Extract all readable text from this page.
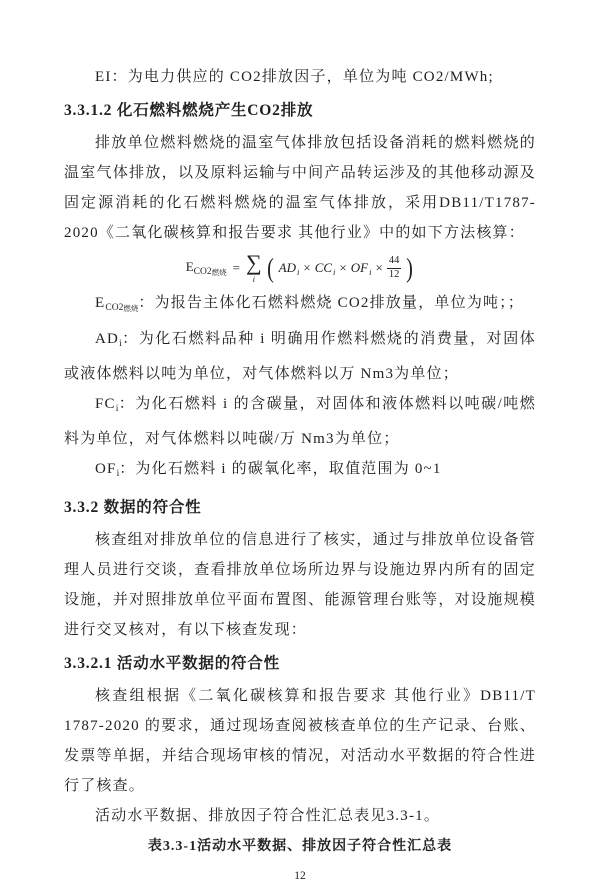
EI：为电力供应的 CO2排放因子，单位为吨 CO2/MWh;

3.3.1.2 化石燃料燃烧产生CO2排放

排放单位燃料燃烧的温室气体排放包括设备消耗的燃料燃烧的温室气体排放，以及原料运输与中间产品转运涉及的其他移动源及固定源消耗的化石燃料燃烧的温室气体排放，采用DB11/T1787-2020《二氧化碳核算和报告要求 其他行业》中的如下方法核算：

$E_{CO2燃烧}$ = ∑
i ( $AD_i \times CC_i \times OF_i \times \frac{44}{12}$ )

$E_{CO2燃烧}$：为报告主体化石燃料燃烧 CO2排放量，单位为吨；；

$AD_i$：为化石燃料品种 i 明确用作燃料燃烧的消费量，对固体或液体燃料以吨为单位，对气体燃料以万 Nm3为单位；

$FC_i$：为化石燃料 i 的含碳量，对固体和液体燃料以吨碳/吨燃料为单位，对气体燃料以吨碳/万 Nm3为单位；

$OF_i$：为化石燃料 i 的碳氧化率，取值范围为 0~1

3.3.2 数据的符合性

核查组对排放单位的信息进行了核实，通过与排放单位设备管理人员进行交谈，查看排放单位场所边界与设施边界内所有的固定设施，并对照排放单位平面布置图、能源管理台账等，对设施规模进行交叉核对，有以下核查发现：

3.3.2.1 活动水平数据的符合性

核查组根据《二氧化碳核算和报告要求 其他行业》DB11/T 1787-2020 的要求，通过现场查阅被核查单位的生产记录、台账、发票等单据，并结合现场审核的情况，对活动水平数据的符合性进行了核查。

活动水平数据、排放因子符合性汇总表见3.3-1。

表3.3-1活动水平数据、排放因子符合性汇总表

12
